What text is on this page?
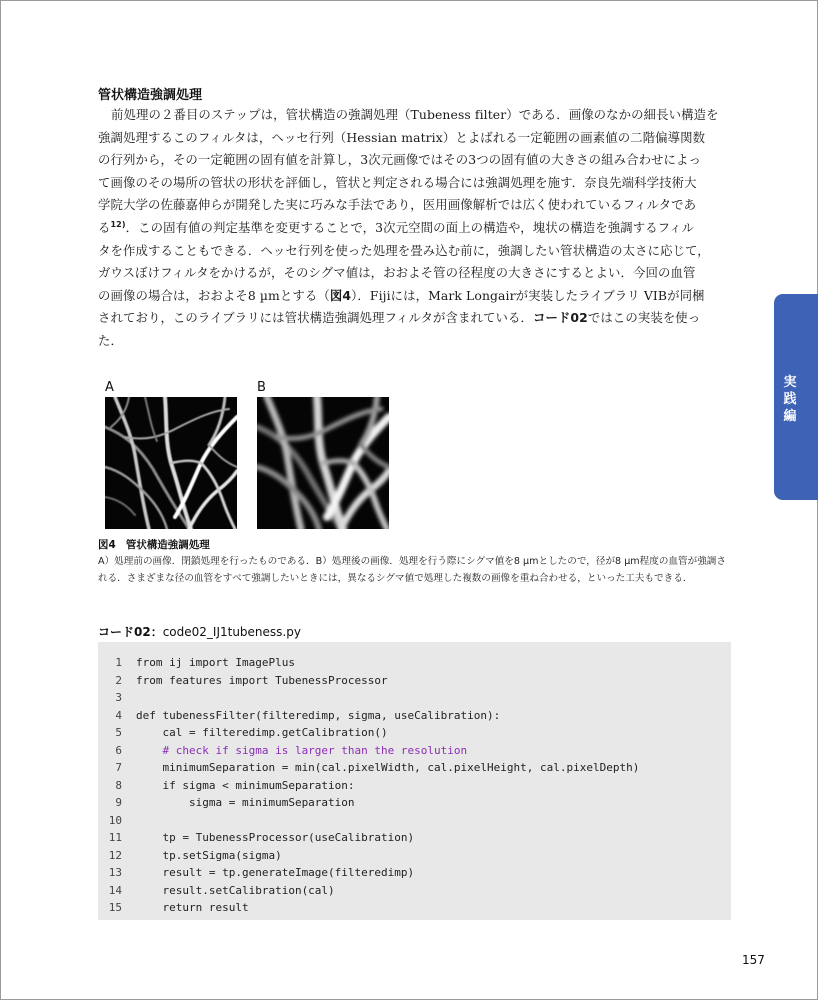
管状構造強調処理

前処理の２番目のステップは，管状構造の強調処理（Tubeness filter）である．画像のなかの細長い構造を

強調処理するこのフィルタは，ヘッセ行列（Hessian matrix）とよばれる一定範囲の画素値の二階偏導関数

の行列から，その一定範囲の固有値を計算し，3次元画像ではその3つの固有値の大きさの組み合わせによっ

て画像のその場所の管状の形状を評価し，管状と判定される場合には強調処理を施す．奈良先端科学技術大

学院大学の佐藤嘉伸らが開発した実に巧みな手法であり，医用画像解析では広く使われているフィルタであ

る$^{12)}$．この固有値の判定基準を変更することで，3次元空間の面上の構造や，塊状の構造を強調するフィル

タを作成することもできる．ヘッセ行列を使った処理を畳み込む前に，強調したい管状構造の太さに応じて，

ガウスぼけフィルタをかけるが，そのシグマ値は，おおよそ管の径程度の大きさにするとよい．今回の血管

の画像の場合は，おおよそ8 µmとする（図4）．Fijiには，Mark Longairが実装したライブラリ VIBが同梱

されており，このライブラリには管状構造強調処理フィルタが含まれている．コード02ではこの実装を使っ

た．

実践編
A	B
図4 管状構造強調処理
A）処理前の画像．閉鎖処理を行ったものである．B）処理後の画像．処理を行う際にシグマ値を8 µmとしたので，径が8 µm程度の血管が強調される．さまざまな径の血管をすべて強調したいときには，異なるシグマ値で処理した複数の画像を重ね合わせる，といった工夫もできる．
コード02：code02_IJ1tubeness.py
1 from ij import ImagePlus
2 from features import TubenessProcessor
3
4 def tubenessFilter(filteredimp, sigma, useCalibration):
5 cal = filteredimp.getCalibration()
6 # check if sigma is larger than the resolution
7 minimumSeparation = min(cal.pixelWidth, cal.pixelHeight, cal.pixelDepth)
8 if sigma < minimumSeparation:
9 sigma = minimumSeparation
10
11 tp = TubenessProcessor(useCalibration)
12 tp.setSigma(sigma)
13 result = tp.generateImage(filteredimp)
14 result.setCalibration(cal)
15 return result
157
